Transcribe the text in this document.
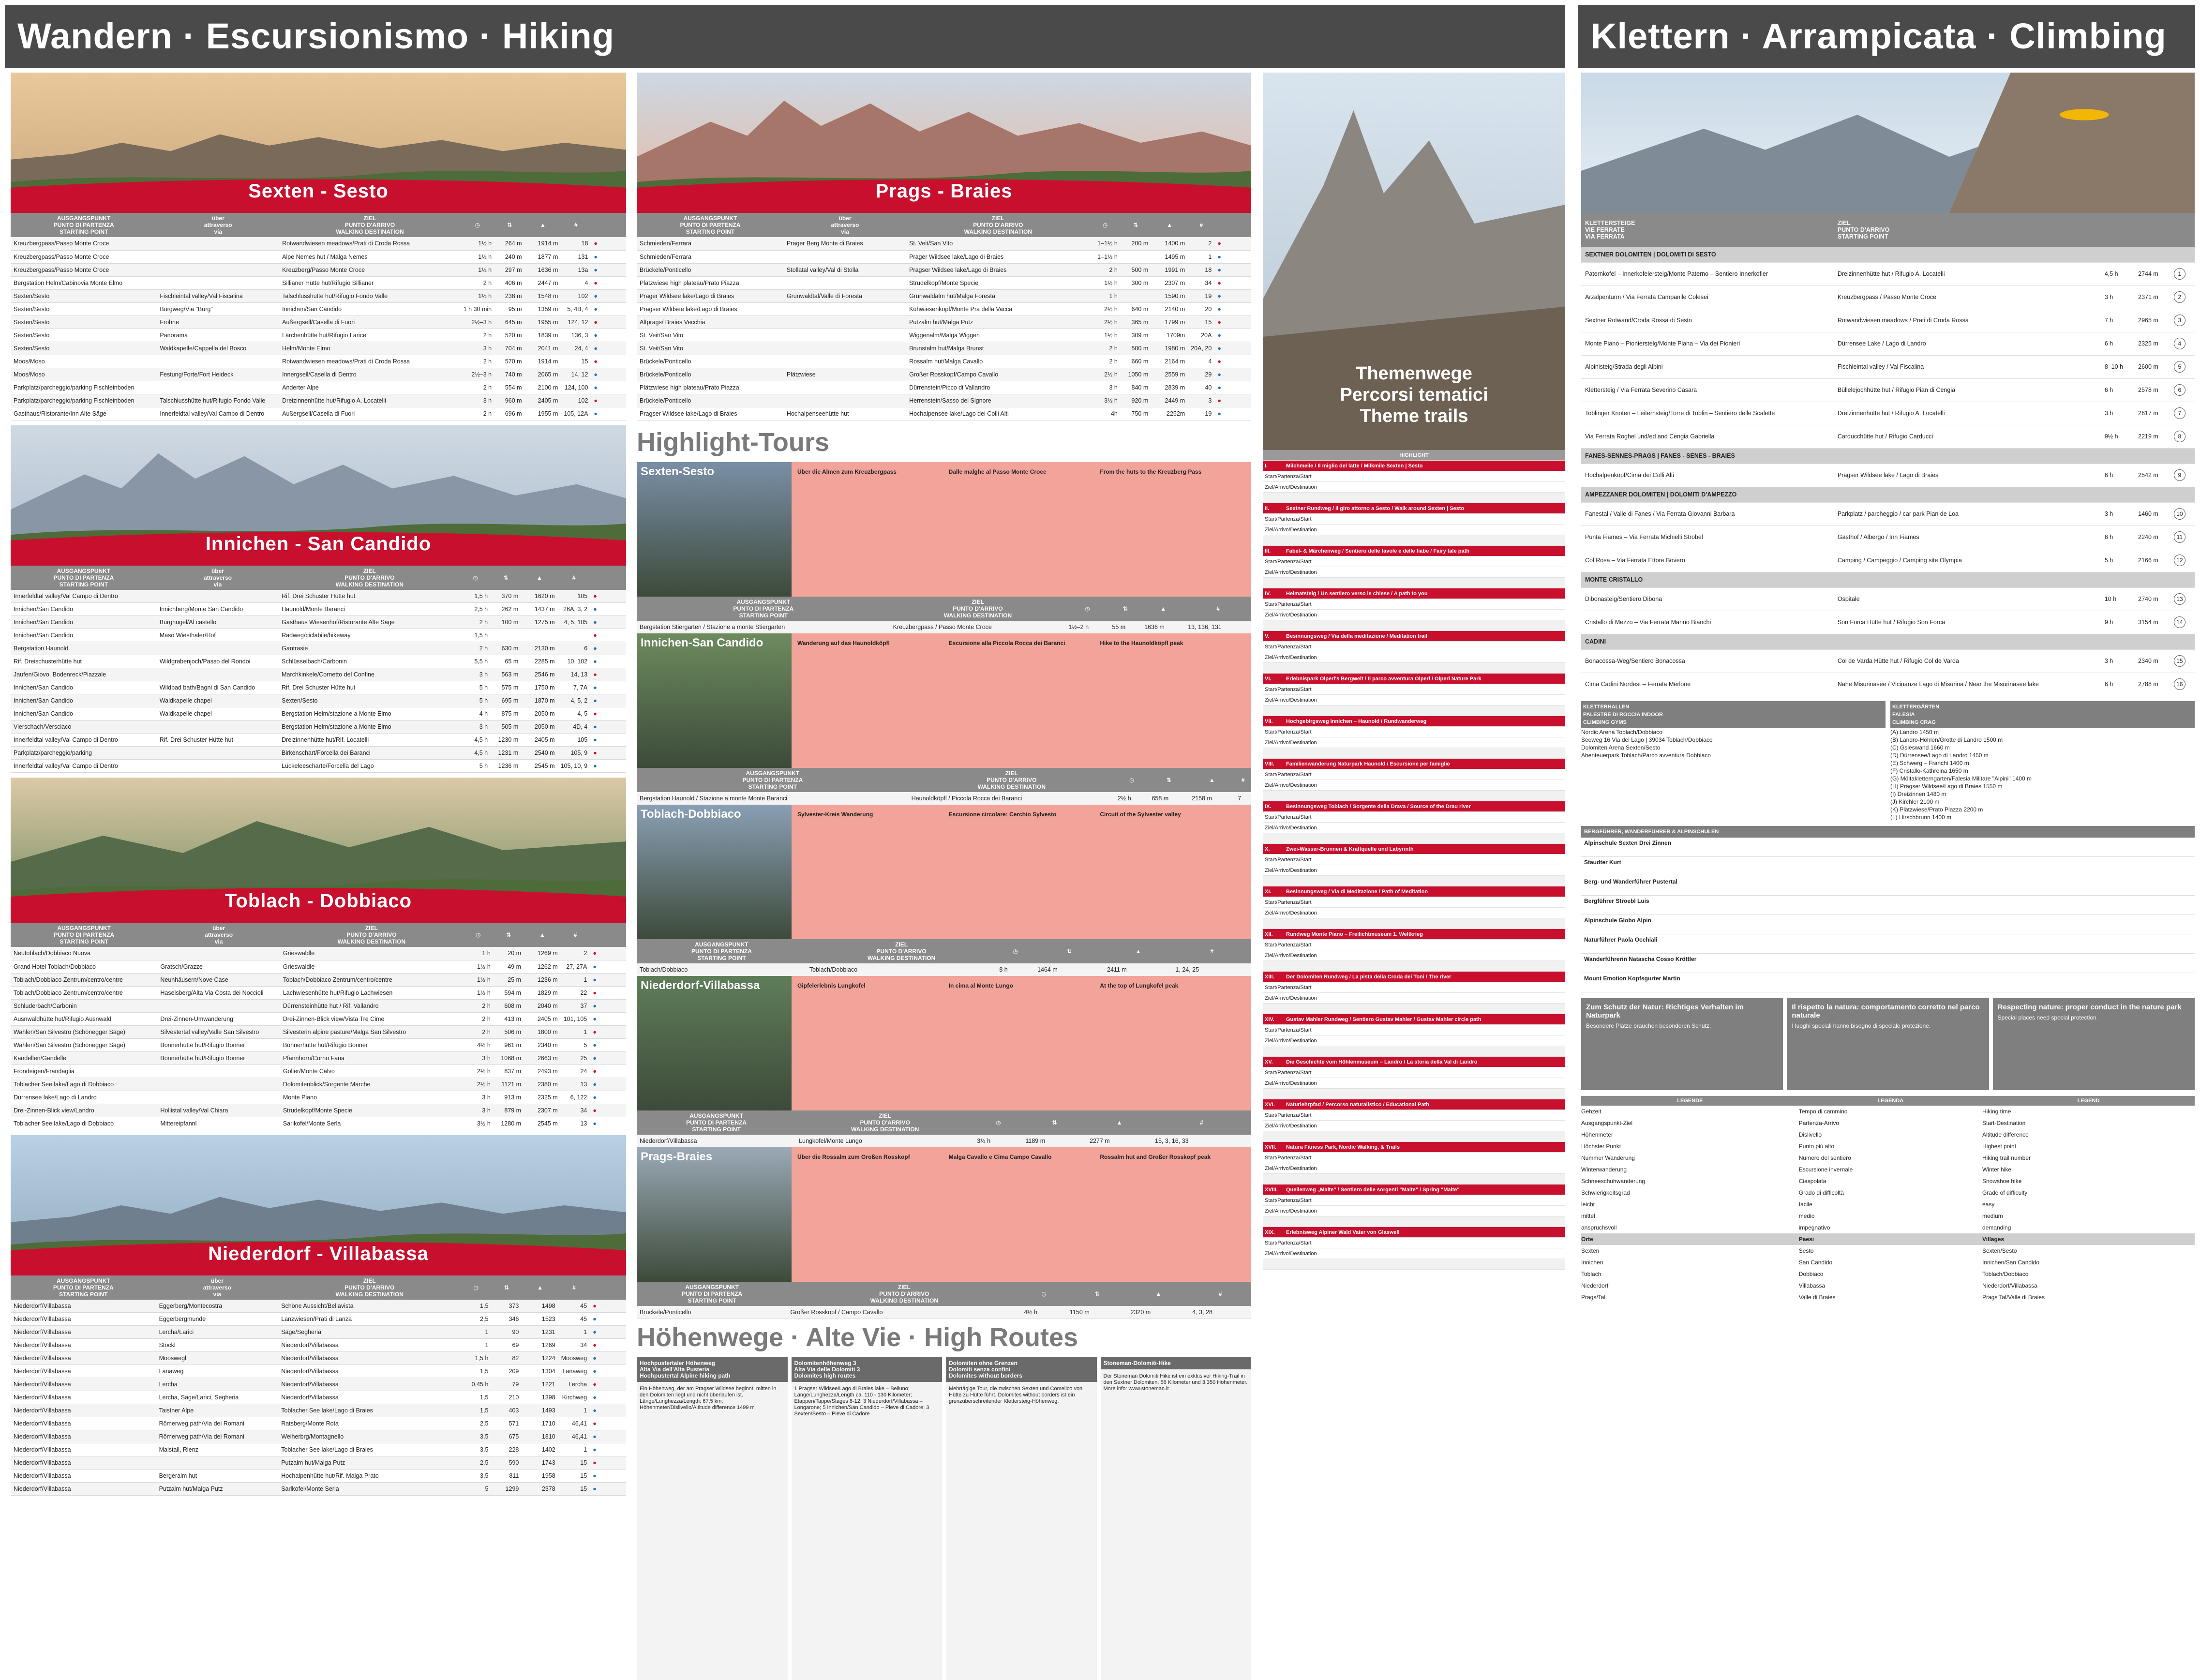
Wandern · Escursionismo · Hiking	Klettern · Arrampicata · Climbing
Sexten - Sesto
AUSGANGSPUNKT
PUNTO DI PARTENZA
STARTING POINT	über
attraverso
via	ZIEL
PUNTO D'ARRIVO
WALKING DESTINATION	◷	⇅	▲	#	
Kreuzbergpass/Passo Monte Croce		Rotwandwiesen meadows/Prati di Croda Rossa	1½ h	264 m	1914 m	18	●
Kreuzbergpass/Passo Monte Croce		Alpe Nemes hut / Malga Nemes	1½ h	240 m	1877 m	131	●
Kreuzbergpass/Passo Monte Croce		Kreuzberg/Passo Monte Croce	1½ h	297 m	1636 m	13a	●
Bergstation Helm/Cabinovia Monte Elmo		Sillianer Hütte hut/Rifugio Sillianer	2 h	406 m	2447 m	4	●
Sexten/Sesto	Fischleintal valley/Val Fiscalina	Talschlusshütte hut/Rifugio Fondo Valle	1½ h	238 m	1548 m	102	●
Sexten/Sesto	Burgweg/Via "Burg"	Innichen/San Candido	1 h 30 min	95 m	1359 m	5, 4B, 4	●
Sexten/Sesto	Frohne	Außergsell/Casella di Fuori	2½–3 h	645 m	1955 m	124, 12	●
Sexten/Sesto	Panorama	Lärchenhütte hut/Rifugio Larice	2 h	520 m	1839 m	136, 3	●
Sexten/Sesto	Waldkapelle/Cappella del Bosco	Helm/Monte Elmo	3 h	704 m	2041 m	24, 4	●
Moos/Moso		Rotwandwiesen meadows/Prati di Croda Rossa	2 h	570 m	1914 m	15	●
Moos/Moso	Festung/Forte/Fort Heideck	Innergsell/Casella di Dentro	2½–3 h	740 m	2065 m	14, 12	●
Parkplatz/parcheggio/parking Fischleinboden		Anderter Alpe	2 h	554 m	2100 m	124, 100	●
Parkplatz/parcheggio/parking Fischleinboden	Talschlusshütte hut/Rifugio Fondo Valle	Dreizinnenhütte hut/Rifugio A. Locatelli	3 h	960 m	2405 m	102	●
Gasthaus/Ristorante/Inn Alte Säge	Innerfeldtal valley/Val Campo di Dentro	Außergsell/Casella di Fuori	2 h	696 m	1955 m	105, 12A	●
Innichen - San Candido
AUSGANGSPUNKT
PUNTO DI PARTENZA
STARTING POINT	über
attraverso
via	ZIEL
PUNTO D'ARRIVO
WALKING DESTINATION	◷	⇅	▲	#	
Innerfeldtal valley/Val Campo di Dentro		Rif. Drei Schuster Hütte hut	1,5 h	370 m	1620 m	105	●
Innichen/San Candido	Innichberg/Monte San Candido	Haunold/Monte Baranci	2,5 h	262 m	1437 m	26A, 3, 2	●
Innichen/San Candido	Burghügel/Al castello	Gasthaus Wiesenhof/Ristorante Alte Säge	2 h	100 m	1275 m	4, 5, 105	●
Innichen/San Candido	Maso Wiesthaler/Hof	Radweg/ciclabile/bikeway	1,5 h				●
Bergstation Haunold		Gantrasie	2 h	630 m	2130 m	6	●
Rif. Dreischusterhütte hut	Wildgrabenjoch/Passo del Rondoi	Schlüsselbach/Carbonin	5,5 h	65 m	2285 m	10, 102	●
Jaufen/Giovo, Bodenreck/Piazzale		Marchkinkele/Cornetto del Confine	3 h	563 m	2546 m	14, 13	●
Innichen/San Candido	Wildbad bath/Bagni di San Candido	Rif. Drei Schuster Hütte hut	5 h	575 m	1750 m	7, 7A	●
Innichen/San Candido	Waldkapelle chapel	Sexten/Sesto	5 h	695 m	1870 m	4, 5, 2	●
Innichen/San Candido	Waldkapelle chapel	Bergstation Helm/stazione a Monte Elmo	4 h	875 m	2050 m	4, 5	●
Vierschach/Versciaco		Bergstation Helm/stazione a Monte Elmo	3 h	505 m	2050 m	4D, 4	●
Innerfeldtal valley/Val Campo di Dentro	Rif. Drei Schuster Hütte hut	Dreizinnenhütte hut/Rif. Locatelli	4,5 h	1230 m	2405 m	105	●
Parkplatz/parcheggio/parking		Birkenschart/Forcella dei Baranci	4,5 h	1231 m	2540 m	105, 9	●
Innerfeldtal valley/Val Campo di Dentro		Lückeleescharte/Forcella del Lago	5 h	1236 m	2545 m	105, 10, 9	●
Toblach - Dobbiaco
AUSGANGSPUNKT
PUNTO DI PARTENZA
STARTING POINT	über
attraverso
via	ZIEL
PUNTO D'ARRIVO
WALKING DESTINATION	◷	⇅	▲	#	
Neutoblach/Dobbiaco Nuova		Grieswaldle	1 h	20 m	1269 m	2	●
Grand Hotel Toblach/Dobbiaco	Gratsch/Grazze	Grieswaldle	1½ h	49 m	1262 m	27, 27A	●
Toblach/Dobbiaco Zentrum/centro/centre	Neunhäusern/Nove Case	Toblach/Dobbiaco Zentrum/centro/centre	1½ h	25 m	1236 m	1	●
Toblach/Dobbiaco Zentrum/centro/centre	Haselsberg/Alta Via Costa dei Noccioli	Lachwiesenhütte hut/Rifugio Lachwiesen	1½ h	594 m	1829 m	22	●
Schluderbach/Carbonin		Dürrensteinhütte hut / Rif. Vallandro	2 h	608 m	2040 m	37	●
Ausnwaldhütte hut/Rifugio Ausnwald	Drei-Zinnen-Umwanderung	Drei-Zinnen-Blick view/Vista Tre Cime	2 h	413 m	2405 m	101, 105	●
Wahlen/San Silvestro (Schönegger Säge)	Silvestertal valley/Valle San Silvestro	Silvesterin alpine pasture/Malga San Silvestro	2 h	506 m	1800 m	1	●
Wahlen/San Silvestro (Schönegger Säge)	Bonnerhütte hut/Rifugio Bonner	Bonnerhütte hut/Rifugio Bonner	4½ h	961 m	2340 m	5	●
Kandellen/Gandelle	Bonnerhütte hut/Rifugio Bonner	Pfannhorn/Corno Fana	3 h	1068 m	2663 m	25	●
Frondeigen/Frandaglia		Goller/Monte Calvo	2½ h	837 m	2493 m	24	●
Toblacher See lake/Lago di Dobbiaco		Dolomitenblick/Sorgente Marche	2½ h	1121 m	2380 m	13	●
Dürrensee lake/Lago di Landro		Monte Piano	3 h	913 m	2325 m	6, 122	●
Drei-Zinnen-Blick view/Landro	Hollistal valley/Val Chiara	Strudelkopf/Monte Specie	3 h	879 m	2307 m	34	●
Toblacher See lake/Lago di Dobbiaco	Mittereipfannl	Sarlkofel/Monte Serla	3½ h	1280 m	2545 m	13	●
Niederdorf - Villabassa
AUSGANGSPUNKT
PUNTO DI PARTENZA
STARTING POINT	über
attraverso
via	ZIEL
PUNTO D'ARRIVO
WALKING DESTINATION	◷	⇅	▲	#	
Niederdorf/Villabassa	Eggerberg/Montecostra	Schöne Aussicht/Bellavista	1,5	373	1498	45	●
Niederdorf/Villabassa	Eggerbergmunde	Lanzwiesen/Prati di Lanza	2,5	346	1523	45	●
Niederdorf/Villabassa	Lercha/Larici	Säge/Segheria	1	90	1231	1	●
Niederdorf/Villabassa	Stöckl	Niederdorf/Villabassa	1	69	1269	34	●
Niederdorf/Villabassa	Mooswegl	Niederdorf/Villabassa	1,5 h	82	1224	Moosweg	●
Niederdorf/Villabassa	Lanaweg	Niederdorf/Villabassa	1,5	209	1304	Lanaweg	●
Niederdorf/Villabassa	Lercha	Niederdorf/Villabassa	0,45 h	79	1221	Lercha	●
Niederdorf/Villabassa	Lercha, Säge/Larici, Segheria	Niederdorf/Villabassa	1,5	210	1398	Kirchweg	●
Niederdorf/Villabassa	Taistner Alpe	Toblacher See lake/Lago di Braies	1,5	403	1493	1	●
Niederdorf/Villabassa	Römerweg path/Via dei Romani	Ratsberg/Monte Rota	2,5	571	1710	46,41	●
Niederdorf/Villabassa	Römerweg path/Via dei Romani	Weiherbrg/Montagnello	3,5	675	1810	46,41	●
Niederdorf/Villabassa	Maistall, Rienz	Toblacher See lake/Lago di Braies	3,5	228	1402	1	●
Niederdorf/Villabassa		Putzalm hut/Malga Putz	2,5	590	1743	15	●
Niederdorf/Villabassa	Bergeralm hut	Hochalpenhütte hut/Rif. Malga Prato	3,5	811	1958	15	●
Niederdorf/Villabassa	Putzalm hut/Malga Putz	Sarlkofel/Monte Serla	5	1299	2378	15	●
Prags - Braies
AUSGANGSPUNKT
PUNTO DI PARTENZA
STARTING POINT	über
attraverso
via	ZIEL
PUNTO D'ARRIVO
WALKING DESTINATION	◷	⇅	▲	#	
Schmieden/Ferrara	Prager Berg Monte di Braies	St. Veit/San Vito	1–1½ h	200 m	1400 m	2	●
Schmieden/Ferrara		Prager Wildsee lake/Lago di Braies	1–1½ h		1495 m	1	●
Brückele/Ponticello	Stollatal valley/Val di Stolla	Pragser Wildsee lake/Lago di Braies	2 h	500 m	1991 m	18	●
Plätzwiese high plateau/Prato Piazza		Strudelkopf/Monte Specie	1½ h	300 m	2307 m	34	●
Prager Wildsee lake/Lago di Braies	Grünwaldtal/Valle di Foresta	Grünwaldalm hut/Malga Foresta	1 h		1590 m	19	●
Pragser Wildsee lake/Lago di Braies		Kühwiesenkopf/Monte Pra della Vacca	2½ h	640 m	2140 m	20	●
Altprags/ Braies Vecchia		Putzalm hut/Malga Putz	2½ h	365 m	1799 m	15	●
St. Veit/San Vito		Wiggenalm/Malga Wiggen	1½ h	309 m	1709m	20A	●
St. Veit/San Vito		Brunstalm hut/Malga Brunst	2 h	500 m	1980 m	20A, 20	●
Brückele/Ponticello		Rossalm hut/Malga Cavallo	2 h	660 m	2164 m	4	●
Brückele/Ponticello	Plätzwiese	Großer Rosskopf/Campo Cavallo	2½ h	1050 m	2559 m	29	●
Plätzwiese high plateau/Prato Piazza		Dürrenstein/Picco di Vallandro	3 h	840 m	2839 m	40	●
Brückele/Ponticello		Herrenstein/Sasso del Signore	3½ h	920 m	2449 m	3	●
Pragser Wildsee lake/Lago di Braies	Hochalpenseehütte hut	Hochalpensee lake/Lago dei Colli Alti	4h	750 m	2252m	19	●
Highlight-Tours
Sexten-Sesto	Über die Almen zum Kreuzbergpass	Dalle malghe al Passo Monte Croce	From the huts to the Kreuzberg Pass
AUSGANGSPUNKT
PUNTO DI PARTENZA
STARTING POINT	ZIEL
PUNTO D'ARRIVO
WALKING DESTINATION	◷	⇅	▲	#
Bergstation Stiergarten / Stazione a monte Stiergarten	Kreuzbergpass / Passo Monte Croce	1½–2 h	55 m	1636 m	13, 136, 131
Innichen-San Candido	Wanderung auf das Haunoldköpfl	Escursione alla Piccola Rocca dei Baranci	Hike to the Haunoldköpfl peak
AUSGANGSPUNKT
PUNTO DI PARTENZA
STARTING POINT	ZIEL
PUNTO D'ARRIVO
WALKING DESTINATION	◷	⇅	▲	#
Bergstation Haunold / Stazione a monte Monte Baranci	Haunoldköpfl / Piccola Rocca dei Baranci	2½ h	658 m	2158 m	7
Toblach-Dobbiaco	Sylvester-Kreis Wanderung	Escursione circolare: Cerchio Sylvesto	Circuit of the Sylvester valley
AUSGANGSPUNKT
PUNTO DI PARTENZA
STARTING POINT	ZIEL
PUNTO D'ARRIVO
WALKING DESTINATION	◷	⇅	▲	#
Toblach/Dobbiaco	Toblach/Dobbiaco	8 h	1464 m	2411 m	1, 24, 25
Niederdorf-Villabassa	Gipfelerlebnis Lungkofel	In cima al Monte Lungo	At the top of Lungkofel peak
AUSGANGSPUNKT
PUNTO DI PARTENZA
STARTING POINT	ZIEL
PUNTO D'ARRIVO
WALKING DESTINATION	◷	⇅	▲	#
Niederdorf/Villabassa	Lungkofel/Monte Lungo	3½ h	1189 m	2277 m	15, 3, 16, 33
Prags-Braies	Über die Rossalm zum Großen Rosskopf	Malga Cavallo e Cima Campo Cavallo	Rossalm hut and Großer Rosskopf peak
AUSGANGSPUNKT
PUNTO DI PARTENZA
STARTING POINT	ZIEL
PUNTO D'ARRIVO
WALKING DESTINATION	◷	⇅	▲	#
Brückele/Ponticello	Großer Rosskopf / Campo Cavallo	4½ h	1150 m	2320 m	4, 3, 28
Höhenwege · Alte Vie · High Routes
Hochpustertaler Höhenweg
Alta Via dell'Alta Pusteria
Hochpustertal Alpine hiking path

Ein Höhenweg, der am Pragser Wildsee beginnt, mitten in den Dolomiten liegt und nicht überlaufen ist. Länge/Lunghezza/Length: 67,5 km; Höhenmeter/Dislivello/Altitude difference 1499 m

Dolomitenhöhenweg 3
Alta Via delle Dolomiti 3
Dolomites high routes

1 Pragser Wildsee/Lago di Braies lake – Belluno; Länge/Lunghezza/Length ca. 110 - 130 Kilometer; Etappen/Tappe/Stages 8-12; 3 Niederdorf/Villabassa – Longarone; 5 Innichen/San Candido – Pieve di Cadore; 3 Sexten/Sesto – Pieve di Cadore

Dolomiten ohne Grenzen
Dolomiti senza confini
Dolomites without borders

Mehrtägige Tour, die zwischen Sexten und Comelico von Hütte zu Hütte führt. Dolomites without borders ist ein grenzüberschreitender Klettersteig-Höhenweg.

Stoneman-Dolomiti-Hike

Der Stoneman Dolomiti Hike ist ein exklusiver Hiking-Trail in den Sextner Dolomiten. 56 Kilometer und 3.350 Höhenmeter. More info: www.stoneman.it

Themenwege
Percorsi tematici
Theme trails
HIGHLIGHT
I.	Milchmeile / Il miglio del latte / Milkmile Sexten | Sesto
Start/Partenza/Start
Ziel/Arrivo/Destination
II.	Sextner Rundweg / Il giro attorno a Sesto / Walk around Sexten | Sesto
Start/Partenza/Start
Ziel/Arrivo/Destination
III.	Fabel- & Märchenweg / Sentiero delle favole e delle fiabe / Fairy tale path
Start/Partenza/Start
Ziel/Arrivo/Destination
IV.	Heimatsteig / Un sentiero verso le chiese / A path to you
Start/Partenza/Start
Ziel/Arrivo/Destination
V.	Besinnungsweg / Via della meditazione / Meditation trail
Start/Partenza/Start
Ziel/Arrivo/Destination
VI.	Erlebnispark Olperl's Bergwelt / Il parco avventura Olperl / Olperl Nature Park
Start/Partenza/Start
Ziel/Arrivo/Destination
VII.	Hochgebirgsweg Innichen – Haunold / Rundwanderweg
Start/Partenza/Start
Ziel/Arrivo/Destination
VIII.	Familienwanderung Naturpark Haunold / Escursione per famiglie
Start/Partenza/Start
Ziel/Arrivo/Destination
IX.	Besinnungsweg Toblach / Sorgente della Drava / Source of the Drau river
Start/Partenza/Start
Ziel/Arrivo/Destination
X.	Zwei-Wasser-Brunnen & Kraftquelle und Labyrinth
Start/Partenza/Start
Ziel/Arrivo/Destination
XI.	Besinnungsweg / Via di Meditazione / Path of Meditation
Start/Partenza/Start
Ziel/Arrivo/Destination
XII.	Rundweg Monte Piano – Freilichtmuseum 1. Weltkrieg
Start/Partenza/Start
Ziel/Arrivo/Destination
XIII.	Der Dolomiten Rundweg / La pista della Croda dei Toni / The river
Start/Partenza/Start
Ziel/Arrivo/Destination
XIV.	Gustav Mahler Rundweg / Sentiero Gustav Mahler / Gustav Mahler circle path
Start/Partenza/Start
Ziel/Arrivo/Destination
XV.	Die Geschichte vom Höhlenmuseum – Landro / La storia della Val di Landro
Start/Partenza/Start
Ziel/Arrivo/Destination
XVI.	Naturlehrpfad / Percorso naturalistico / Educational Path
Start/Partenza/Start
Ziel/Arrivo/Destination
XVII.	Natura Fitness Park, Nordic Walking, & Trails
Start/Partenza/Start
Ziel/Arrivo/Destination
XVIII.	Quellenweg „Malte" / Sentiero delle sorgenti "Malte" / Spring "Malte"
Start/Partenza/Start
Ziel/Arrivo/Destination
XIX.	Erlebnisweg Alpiner Wald Vater von Glaswell
Start/Partenza/Start
Ziel/Arrivo/Destination
KLETTERSTEIGE
VIE FERRATE
VIA FERRATA	ZIEL
PUNTO D'ARRIVO
STARTING POINT			
SEXTNER DOLOMITEN | DOLOMITI DI SESTO				
Paternkofel – Innerkofelersteig/Monte Paterno – Sentiero Innerkofler	Dreizinnenhütte hut / Rifugio A. Locatelli	4,5 h	2744 m	1
Arzalpenturm / Via Ferrata Campanile Colesei	Kreuzbergpass / Passo Monte Croce	3 h	2371 m	2
Sextner Rotwand/Croda Rossa di Sesto	Rotwandwiesen meadows / Prati di Croda Rossa	7 h	2965 m	3
Monte Piano – Pionierstelg/Monte Piana – Via dei Pionieri	Dürrensee Lake / Lago di Landro	6 h	2325 m	4
Alpinisteig/Strada degli Alpini	Fischleintal valley / Val Fiscalina	8–10 h	2600 m	5
Klettersteig / Via Ferrata Severino Casara	Büllelejochhütte hut / Rifugio Pian di Cengia	6 h	2578 m	6
Toblinger Knoten – Leiternsteig/Torre di Toblin – Sentiero delle Scalette	Dreizinnenhütte hut / Rifugio A. Locatelli	3 h	2617 m	7
Via Ferrata Roghel und/ed and Cengia Gabriella	Carducchütte hut / Rifugio Carducci	9½ h	2219 m	8
FANES-SENNES-PRAGS | FANES - SENES - BRAIES				
Hochalpenkopf/Cima dei Colli Alti	Pragser Wildsee lake / Lago di Braies	6 h	2542 m	9
AMPEZZANER DOLOMITEN | DOLOMITI D'AMPEZZO				
Fanestal / Valle di Fanes / Via Ferrata Giovanni Barbara	Parkplatz / parcheggio / car park Pian de Loa	3 h	1460 m	10
Punta Fiames – Via Ferrata Michielli Strobel	Gasthof / Albergo / Inn Fiames	6 h	2240 m	11
Col Rosa – Via Ferrata Ettore Bovero	Camping / Campeggio / Camping site Olympia	5 h	2166 m	12
MONTE CRISTALLO				
Dibonasteig/Sentiero Dibona	Ospitale	10 h	2740 m	13
Cristallo di Mezzo – Via Ferrata Marino Bianchi	Son Forca Hütte hut / Rifugio Son Forca	9 h	3154 m	14
CADINI				
Bonacossa-Weg/Sentiero Bonacossa	Col de Varda Hütte hut / Rifugio Col de Varda	3 h	2340 m	15
Cima Cadini Nordest – Ferrata Merlone	Nähe Misurinasee / Vicinanze Lago di Misurina / Near the Misurinasee lake	6 h	2788 m	16
KLETTERHALLEN
PALESTRE DI ROCCIA INDOOR
CLIMBING GYMS
Nordic Arena Toblach/Dobbiaco
Seeweg 16 Via del Lago | 39034 Toblach/Dobbiaco
Dolomiten Arena Sexten/Sesto
Abenteuerpark Toblach/Parco avventura Dobbiaco
KLETTERGÄRTEN
FALESIA
CLIMBING CRAG
(A) Landro 1450 m
(B) Landro-Höhlen/Grotte di Landro 1500 m
(C) Gsieswand 1660 m
(D) Dürrensee/Lago di Landro 1450 m
(E) Schwerg – Franchi 1400 m
(F) Cristallo-Kathreina 1650 m
(G) Möltakletterngarten/Falesia Militare "Alpini" 1400 m
(H) Pragser Wildsee/Lago di Braies 1550 m
(I) Dreizinnen 1480 m
(J) Kirchler 2100 m
(K) Plätzwiese/Prato Piazza 2200 m
(L) Hirschbrunn 1400 m
BERGFÜHRER, WANDERFÜHRER & ALPINSCHULEN
Alpinschule Sexten Drei Zinnen
Staudter Kurt
Berg- und Wanderführer Pustertal
Bergführer Stroebl Luis
Alpinschule Globo Alpin
Naturführer Paola Occhiali
Wanderführerin Natascha Cosso Kröttler
Mount Emotion Kopfsgurter Martin
Zum Schutz der Natur: Richtiges Verhalten im Naturpark
Besondere Plätze brauchen besonderen Schutz.
Il rispetto la natura: comportamento corretto nel parco naturale
I luoghi speciali hanno bisogno di speciale protezione.
Respecting nature: proper conduct in the nature park
Special places need special protection.
LEGENDE	LEGENDA	LEGEND
Gehzeit	Tempo di cammino	Hiking time
Ausgangspunkt-Ziel	Partenza-Arrivo	Start-Destination
Höhenmeter	Dislivello	Altitude difference
Höchster Punkt	Punto più alto	Highest point
Nummer Wanderung	Numero del sentiero	Hiking trail number
Winterwanderung	Escursione invernale	Winter hike
Schneeschuhwanderung	Ciaspolata	Snowshoe hike
Schwierigkeitsgrad	Grado di difficoltà	Grade of difficulty
leicht	facile	easy
mittel	medio	medium
anspruchsvoll	impegnativo	demanding
Orte	Paesi	Villages
Sexten	Sesto	Sexten/Sesto
Innichen	San Candido	Innichen/San Candido
Toblach	Dobbiaco	Toblach/Dobbiaco
Niederdorf	Villabassa	Niederdorf/Villabassa
Prags/Tal	Valle di Braies	Prags Tal/Valle di Braies
